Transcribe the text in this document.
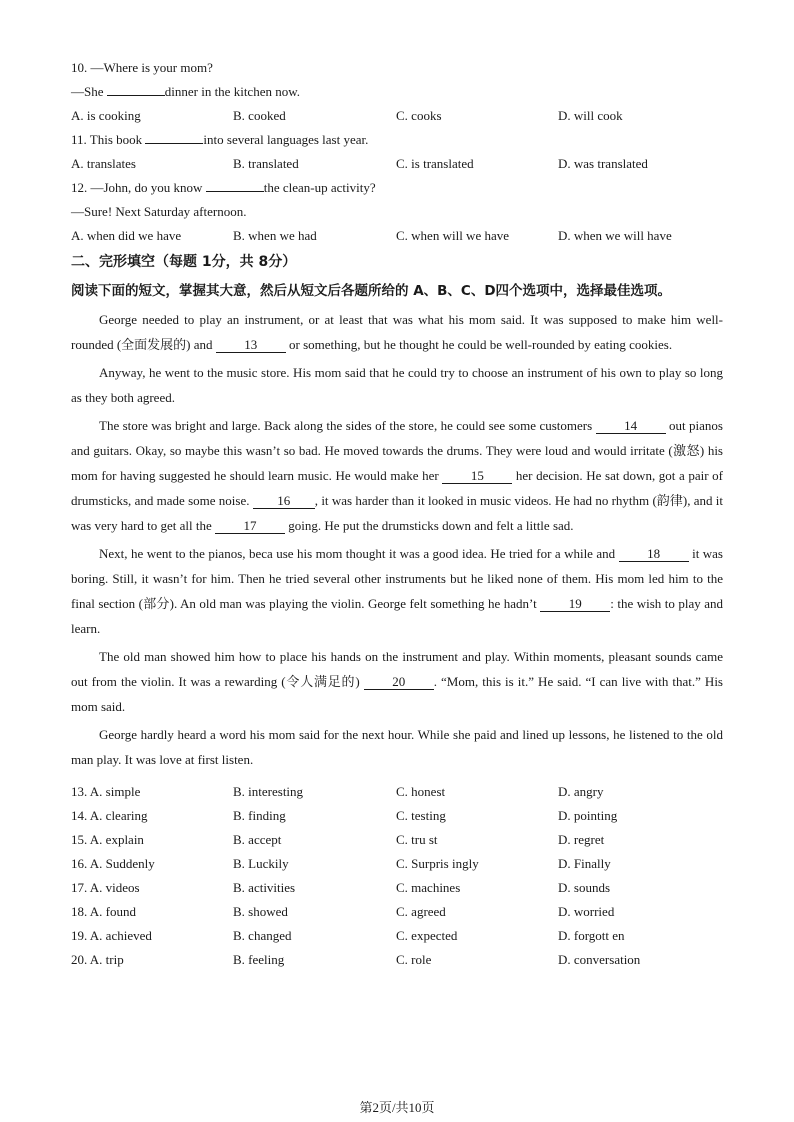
10. —Where is your mom?
—She	dinner in the kitchen now.
A. is cooking	B. cooked	C. cooks	D. will cook
11. This book	into several languages last year.
A. translates	B. translated	C. is translated	D. was translated
12. —John, do you know	the clean-up activity?
—Sure! Next Saturday afternoon.
A. when did we have	B. when we had	C. when will we have	D. when we will have
二、完形填空（每题 1分，共 8分）
阅读下面的短文，掌握其大意，然后从短文后各题所给的 A、B、C、D四个选项中，选择最佳选项。
George needed to play an instrument, or at least that was what his mom said. It was supposed to make him well-rounded (全面发展的) and 13 or something, but he thought he could be well-rounded by eating cookies.
Anyway, he went to the music store. His mom said that he could try to choose an instrument of his own to play so long as they both agreed.
The store was bright and large. Back along the sides of the store, he could see some customers 14 out pianos and guitars. Okay, so maybe this wasn’t so bad. He moved towards the drums. They were loud and would irritate (激怒) his mom for having suggested he should learn music. He would make her 15 her decision. He sat down, got a pair of drumsticks, and made some noise. 16 , it was harder than it looked in music videos. He had no rhythm (韵律), and it was very hard to get all the 17 going. He put the drumsticks down and felt a little sad.
Next, he went to the pianos, beca use his mom thought it was a good idea. He tried for a while and 18 it was boring. Still, it wasn’t for him. Then he tried several other instruments but he liked none of them. His mom led him to the final section (部分). An old man was playing the violin. George felt something he hadn’t 19 : the wish to play and learn.
The old man showed him how to place his hands on the instrument and play. Within moments, pleasant sounds came out from the violin. It was a rewarding (令人满足的) 20 . “Mom, this is it.” He said. “I can live with that.” His mom said.
George hardly heard a word his mom said for the next hour. While she paid and lined up lessons, he listened to the old man play. It was love at first listen.
13. A. simple	B. interesting	C. honest	D. angry
14. A. clearing	B. finding	C. testing	D. pointing
15. A. explain	B. accept	C. tru st	D. regret
16. A. Suddenly	B. Luckily	C. Surpris ingly	D. Finally
17. A. videos	B. activities	C. machines	D. sounds
18. A. found	B. showed	C. agreed	D. worried
19. A. achieved	B. changed	C. expected	D. forgott en
20. A. trip	B. feeling	C. role	D. conversation
第2页/共10页
